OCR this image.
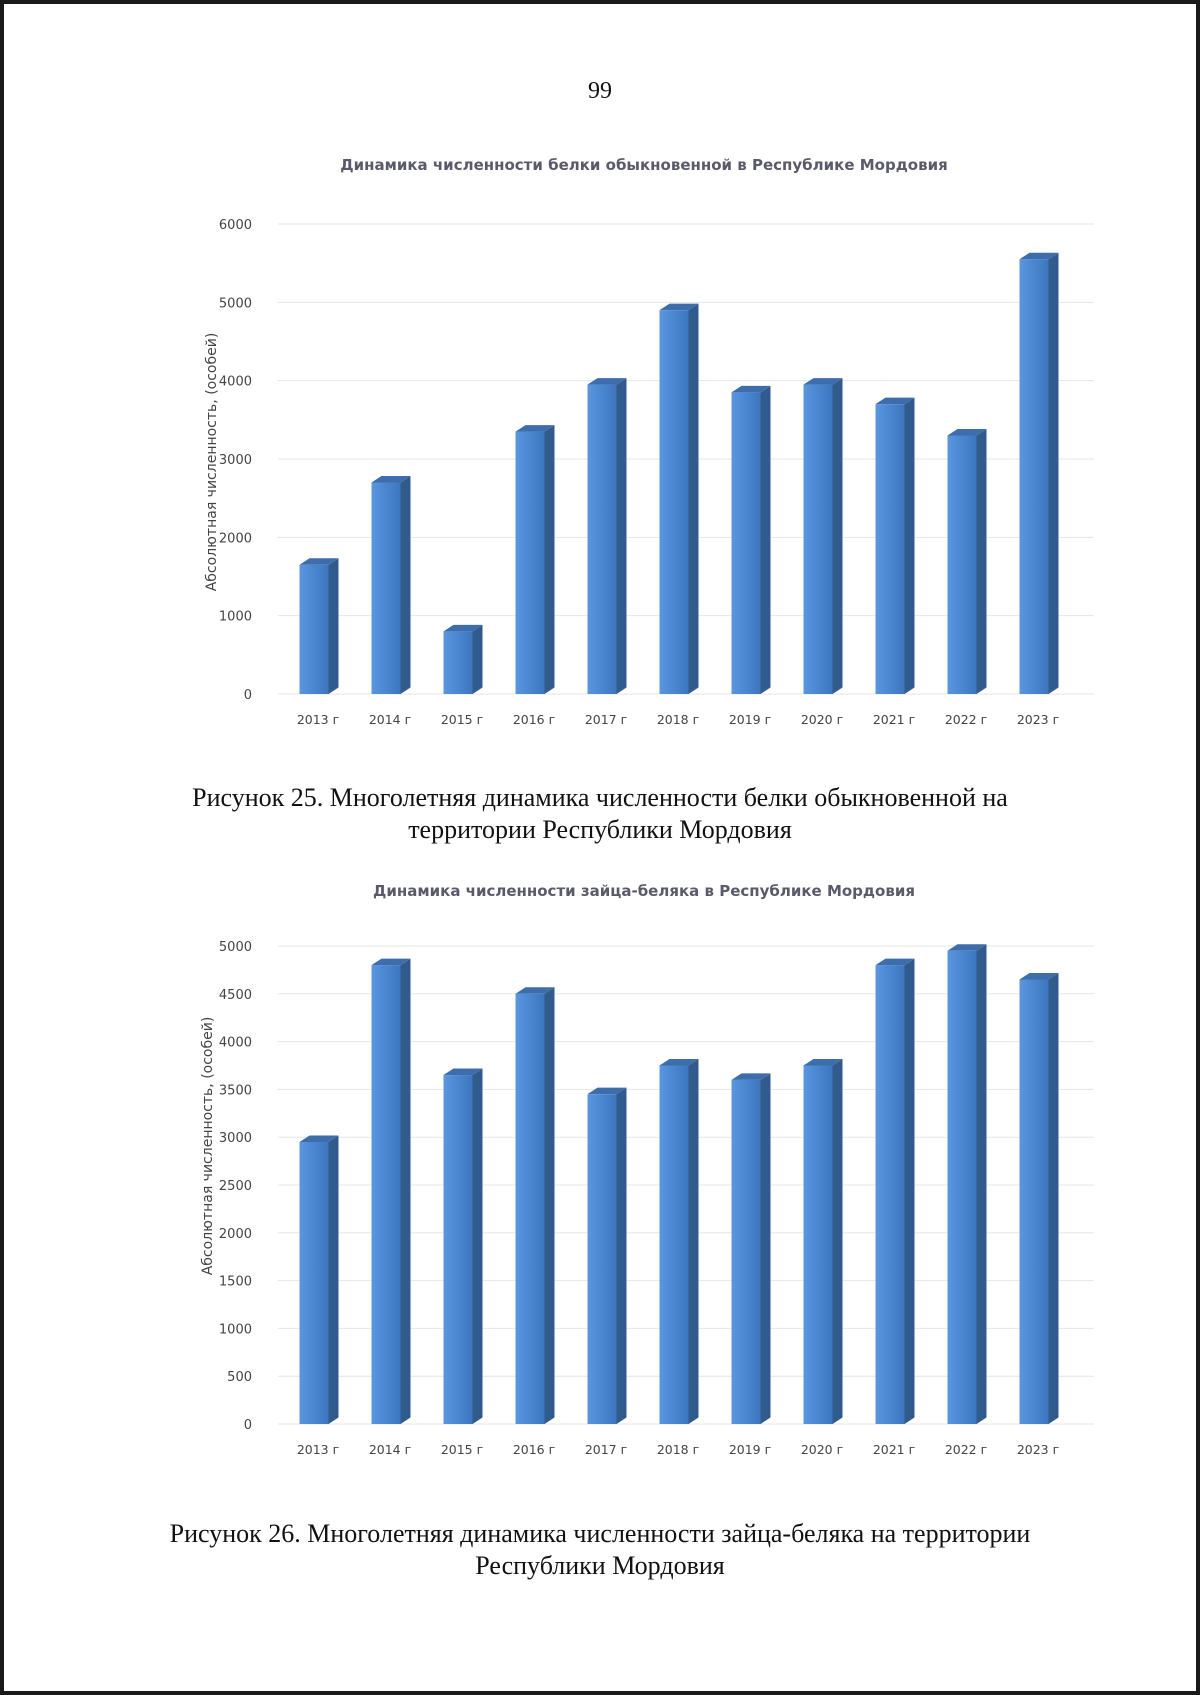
99
Динамика численности белки обыкновенной в Республике Мордовия
0
1000
2000
3000
4000
5000
6000
2013 г 2014 г 2015 г 2016 г 2017 г 2018 г 2019 г 2020 г 2021 г 2022 г 2023 г
Абсолютная численность, (особей)
Рисунок 25. Многолетняя динамика численности белки обыкновенной на
территории Республики Мордовия
Динамика численности зайца-беляка в Республике Мордовия
0
500
1000
1500
2000
2500
3000
3500
4000
4500
5000
2013 г 2014 г 2015 г 2016 г 2017 г 2018 г 2019 г 2020 г 2021 г 2022 г 2023 г
Абсолютная численность, (особей)
Рисунок 26. Многолетняя динамика численности зайца-беляка на территории
Республики Мордовия
